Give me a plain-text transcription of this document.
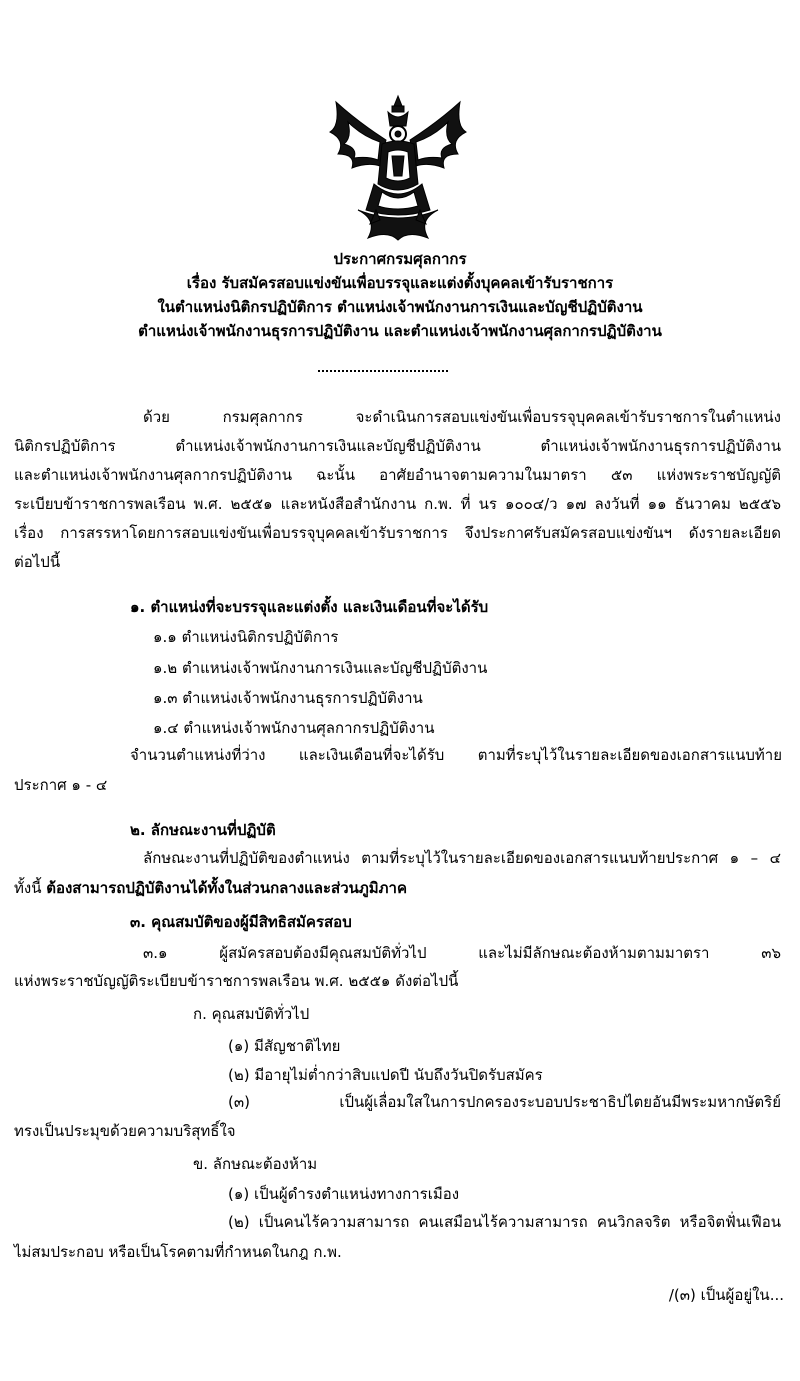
ประกาศกรมศุลกากร
เรื่อง รับสมัครสอบแข่งขันเพื่อบรรจุและแต่งตั้งบุคคลเข้ารับราชการ
ในตำแหน่งนิติกรปฏิบัติการ ตำแหน่งเจ้าพนักงานการเงินและบัญชีปฏิบัติงาน
ตำแหน่งเจ้าพนักงานธุรการปฏิบัติงาน และตำแหน่งเจ้าพนักงานศุลกากรปฏิบัติงาน
ด้วย กรมศุลกากร จะดำเนินการสอบแข่งขันเพื่อบรรจุบุคคลเข้ารับราชการในตำแหน่ง
นิติกรปฏิบัติการ ตำแหน่งเจ้าพนักงานการเงินและบัญชีปฏิบัติงาน ตำแหน่งเจ้าพนักงานธุรการปฏิบัติงาน
และตำแหน่งเจ้าพนักงานศุลกากรปฏิบัติงาน ฉะนั้น อาศัยอำนาจตามความในมาตรา ๕๓ แห่งพระราชบัญญัติ
ระเบียบข้าราชการพลเรือน พ.ศ. ๒๕๕๑ และหนังสือสำนักงาน ก.พ. ที่ นร ๑๐๐๔/ว ๑๗ ลงวันที่ ๑๑ ธันวาคม ๒๕๕๖
เรื่อง การสรรหาโดยการสอบแข่งขันเพื่อบรรจุบุคคลเข้ารับราชการ จึงประกาศรับสมัครสอบแข่งขันฯ ดังรายละเอียด
ต่อไปนี้
๑. ตำแหน่งที่จะบรรจุและแต่งตั้ง และเงินเดือนที่จะได้รับ
๑.๑ ตำแหน่งนิติกรปฏิบัติการ
๑.๒ ตำแหน่งเจ้าพนักงานการเงินและบัญชีปฏิบัติงาน
๑.๓ ตำแหน่งเจ้าพนักงานธุรการปฏิบัติงาน
๑.๔ ตำแหน่งเจ้าพนักงานศุลกากรปฏิบัติงาน
จำนวนตำแหน่งที่ว่าง และเงินเดือนที่จะได้รับ ตามที่ระบุไว้ในรายละเอียดของเอกสารแนบท้าย
ประกาศ ๑ - ๔
๒. ลักษณะงานที่ปฏิบัติ
ลักษณะงานที่ปฏิบัติของตำแหน่ง ตามที่ระบุไว้ในรายละเอียดของเอกสารแนบท้ายประกาศ ๑ – ๔
ทั้งนี้ ต้องสามารถปฏิบัติงานได้ทั้งในส่วนกลางและส่วนภูมิภาค
๓. คุณสมบัติของผู้มีสิทธิสมัครสอบ
๓.๑ ผู้สมัครสอบต้องมีคุณสมบัติทั่วไป และไม่มีลักษณะต้องห้ามตามมาตรา ๓๖
แห่งพระราชบัญญัติระเบียบข้าราชการพลเรือน พ.ศ. ๒๕๕๑ ดังต่อไปนี้
ก. คุณสมบัติทั่วไป
(๑) มีสัญชาติไทย
(๒) มีอายุไม่ต่ำกว่าสิบแปดปี นับถึงวันปิดรับสมัคร
(๓) เป็นผู้เลื่อมใสในการปกครองระบอบประชาธิปไตยอันมีพระมหากษัตริย์
ทรงเป็นประมุขด้วยความบริสุทธิ์ใจ
ข. ลักษณะต้องห้าม
(๑) เป็นผู้ดำรงตำแหน่งทางการเมือง
(๒) เป็นคนไร้ความสามารถ คนเสมือนไร้ความสามารถ คนวิกลจริต หรือจิตฟั่นเฟือน
ไม่สมประกอบ หรือเป็นโรคตามที่กำหนดในกฎ ก.พ.
/(๓) เป็นผู้อยู่ใน...
